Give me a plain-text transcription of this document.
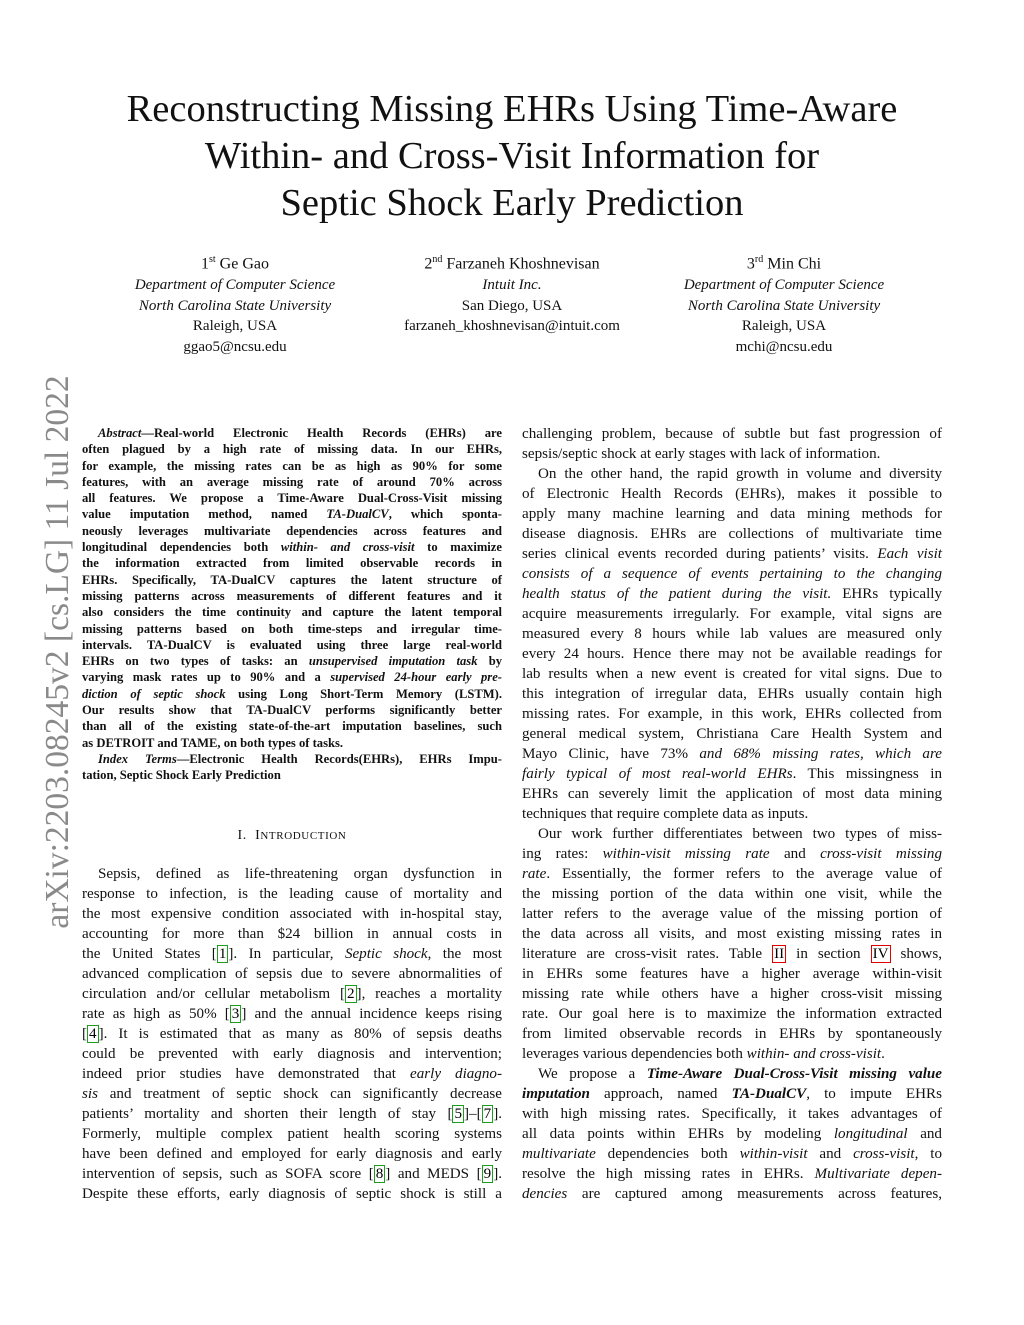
Reconstructing Missing EHRs Using Time-Aware
Within- and Cross-Visit Information for
Septic Shock Early Prediction
1st Ge Gao
Department of Computer Science
North Carolina State University
Raleigh, USA
ggao5@ncsu.edu
2nd Farzaneh Khoshnevisan
Intuit Inc.
San Diego, USA
farzaneh_khoshnevisan@intuit.com
3rd Min Chi
Department of Computer Science
North Carolina State University
Raleigh, USA
mchi@ncsu.edu
arXiv:2203.08245v2 [cs.LG] 11 Jul 2022	Abstract—Real-world Electronic Health Records (EHRs) are
often plagued by a high rate of missing data. In our EHRs,
for example, the missing rates can be as high as 90% for some
features, with an average missing rate of around 70% across
all features. We propose a Time-Aware Dual-Cross-Visit missing
value imputation method, named TA-DualCV, which sponta-
neously leverages multivariate dependencies across features and
longitudinal dependencies both within- and cross-visit to maximize
the information extracted from limited observable records in
EHRs. Specifically, TA-DualCV captures the latent structure of
missing patterns across measurements of different features and it
also considers the time continuity and capture the latent temporal
missing patterns based on both time-steps and irregular time-
intervals. TA-DualCV is evaluated using three large real-world
EHRs on two types of tasks: an unsupervised imputation task by
varying mask rates up to 90% and a supervised 24-hour early pre-
diction of septic shock using Long Short-Term Memory (LSTM).
Our results show that TA-DualCV performs significantly better
than all of the existing state-of-the-art imputation baselines, such
as DETROIT and TAME, on both types of tasks.
Index Terms—Electronic Health Records(EHRs), EHRs Impu-
tation, Septic Shock Early Prediction
I. INTRODUCTION
Sepsis, defined as life-threatening organ dysfunction in
response to infection, is the leading cause of mortality and
the most expensive condition associated with in-hospital stay,
accounting for more than $24 billion in annual costs in
the United States [ 1 ]. In particular, Septic shock, the most
advanced complication of sepsis due to severe abnormalities of
circulation and/or cellular metabolism [ 2 ], reaches a mortality
rate as high as 50% [ 3 ] and the annual incidence keeps rising
[ 4 ]. It is estimated that as many as 80% of sepsis deaths
could be prevented with early diagnosis and intervention;
indeed prior studies have demonstrated that early diagno-
sis and treatment of septic shock can significantly decrease
patients’ mortality and shorten their length of stay [ 5 ]–[ 7 ].
Formerly, multiple complex patient health scoring systems
have been defined and employed for early diagnosis and early
intervention of sepsis, such as SOFA score [ 8 ] and MEDS [ 9 ].
Despite these efforts, early diagnosis of septic shock is still a
challenging problem, because of subtle but fast progression of
sepsis/septic shock at early stages with lack of information.
On the other hand, the rapid growth in volume and diversity
of Electronic Health Records (EHRs), makes it possible to
apply many machine learning and data mining methods for
disease diagnosis. EHRs are collections of multivariate time
series clinical events recorded during patients’ visits. Each visit
consists of a sequence of events pertaining to the changing
health status of the patient during the visit. EHRs typically
acquire measurements irregularly. For example, vital signs are
measured every 8 hours while lab values are measured only
every 24 hours. Hence there may not be available readings for
lab results when a new event is created for vital signs. Due to
this integration of irregular data, EHRs usually contain high
missing rates. For example, in this work, EHRs collected from
general medical system, Christiana Care Health System and
Mayo Clinic, have 73% and 68% missing rates, which are
fairly typical of most real-world EHRs. This missingness in
EHRs can severely limit the application of most data mining
techniques that require complete data as inputs.
Our work further differentiates between two types of miss-
ing rates: within-visit missing rate and cross-visit missing
rate. Essentially, the former refers to the average value of
the missing portion of the data within one visit, while the
latter refers to the average value of the missing portion of
the data across all visits, and most existing missing rates in
literature are cross-visit rates. Table II in section IV shows,
in EHRs some features have a higher average within-visit
missing rate while others have a higher cross-visit missing
rate. Our goal here is to maximize the information extracted
from limited observable records in EHRs by spontaneously
leverages various dependencies both within- and cross-visit.
We propose a Time-Aware Dual-Cross-Visit missing value
imputation approach, named TA-DualCV, to impute EHRs
with high missing rates. Specifically, it takes advantages of
all data points within EHRs by modeling longitudinal and
multivariate dependencies both within-visit and cross-visit, to
resolve the high missing rates in EHRs. Multivariate depen-
dencies are captured among measurements across features,
